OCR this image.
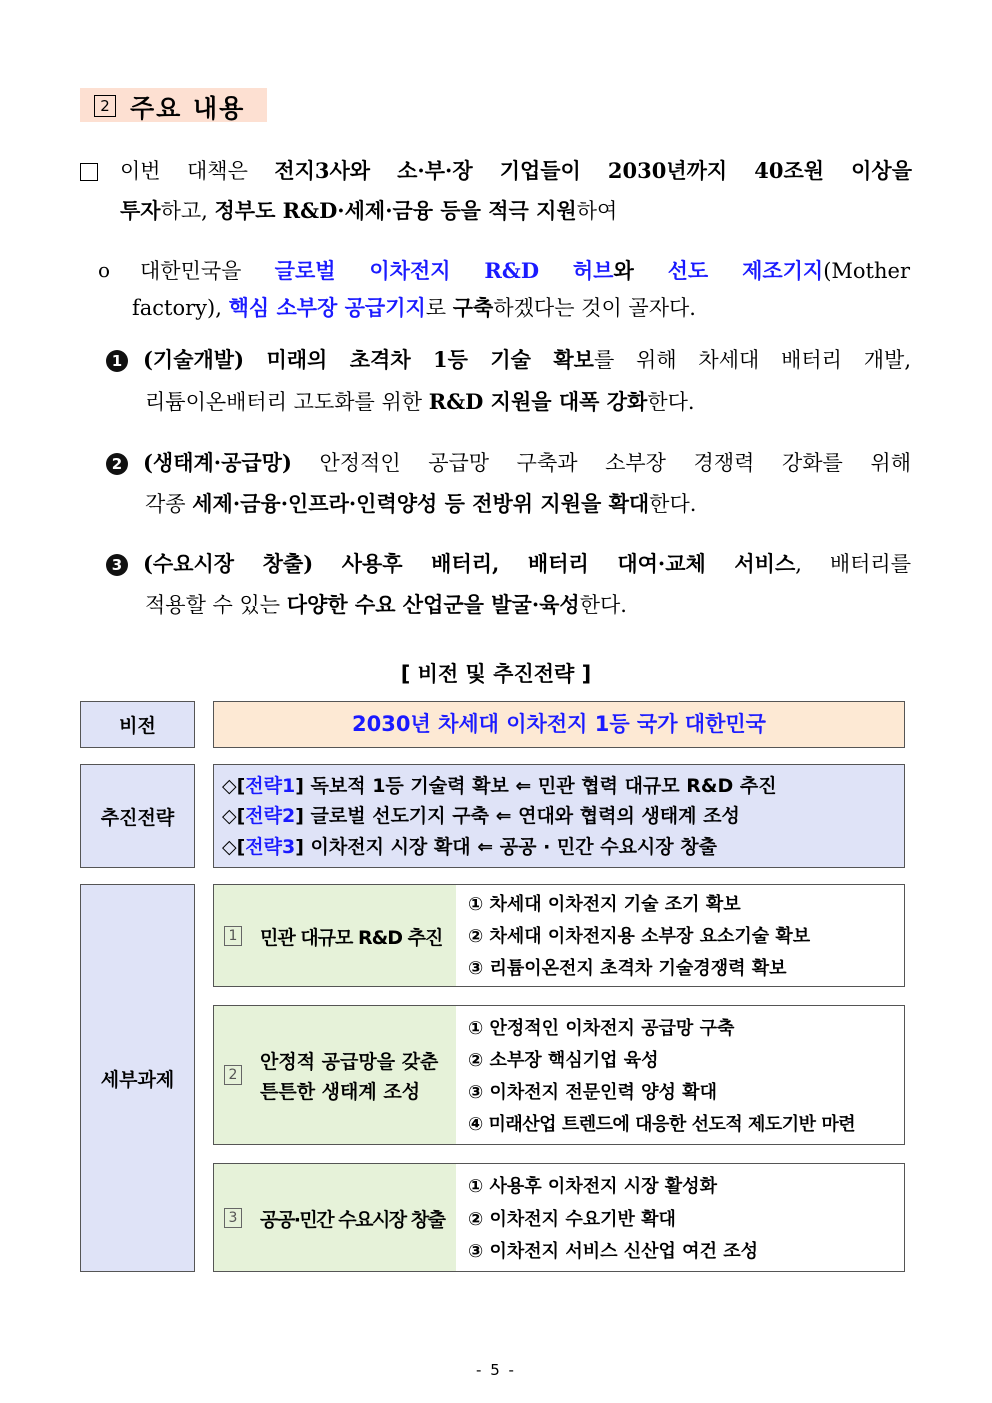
2 주요 내용
이번 대책은 전지3사와 소·부·장 기업들이 2030년까지 40조원 이상을
투자하고, 정부도 R&D·세제·금융 등을 적극 지원하여
o 대한민국을 글로벌 이차전지 R&D 허브와 선도 제조기지(Mother
factory), 핵심 소부장 공급기지로 구축하겠다는 것이 골자다.
1 (기술개발) 미래의 초격차 1등 기술 확보를 위해 차세대 배터리 개발,
리튬이온배터리 고도화를 위한 R&D 지원을 대폭 강화한다.
2 (생태계·공급망) 안정적인 공급망 구축과 소부장 경쟁력 강화를 위해
각종 세제·금융·인프라·인력양성 등 전방위 지원을 확대한다.
3 (수요시장 창출) 사용후 배터리, 배터리 대여·교체 서비스, 배터리를
적용할 수 있는 다양한 수요 산업군을 발굴·육성한다.
[ 비전 및 추진전략 ]
비전	2030년 차세대 이차전지 1등 국가 대한민국
추진전략
◇[전략1] 독보적 1등 기술력 확보 ⇐ 민관 협력 대규모 R&D 추진
◇[전략2] 글로벌 선도기지 구축 ⇐ 연대와 협력의 생태계 조성
◇[전략3] 이차전지 시장 확대 ⇐ 공공 · 민간 수요시장 창출
세부과제
1 민관 대규모 R&D 추진
① 차세대 이차전지 기술 조기 확보
② 차세대 이차전지용 소부장 요소기술 확보
③ 리튬이온전지 초격차 기술경쟁력 확보
2
안정적 공급망을 갖춘
튼튼한 생태계 조성
① 안정적인 이차전지 공급망 구축
② 소부장 핵심기업 육성
③ 이차전지 전문인력 양성 확대
④ 미래산업 트렌드에 대응한 선도적 제도기반 마련
3 공공·민간 수요시장 창출
① 사용후 이차전지 시장 활성화
② 이차전지 수요기반 확대
③ 이차전지 서비스 신산업 여건 조성
- 5 -
